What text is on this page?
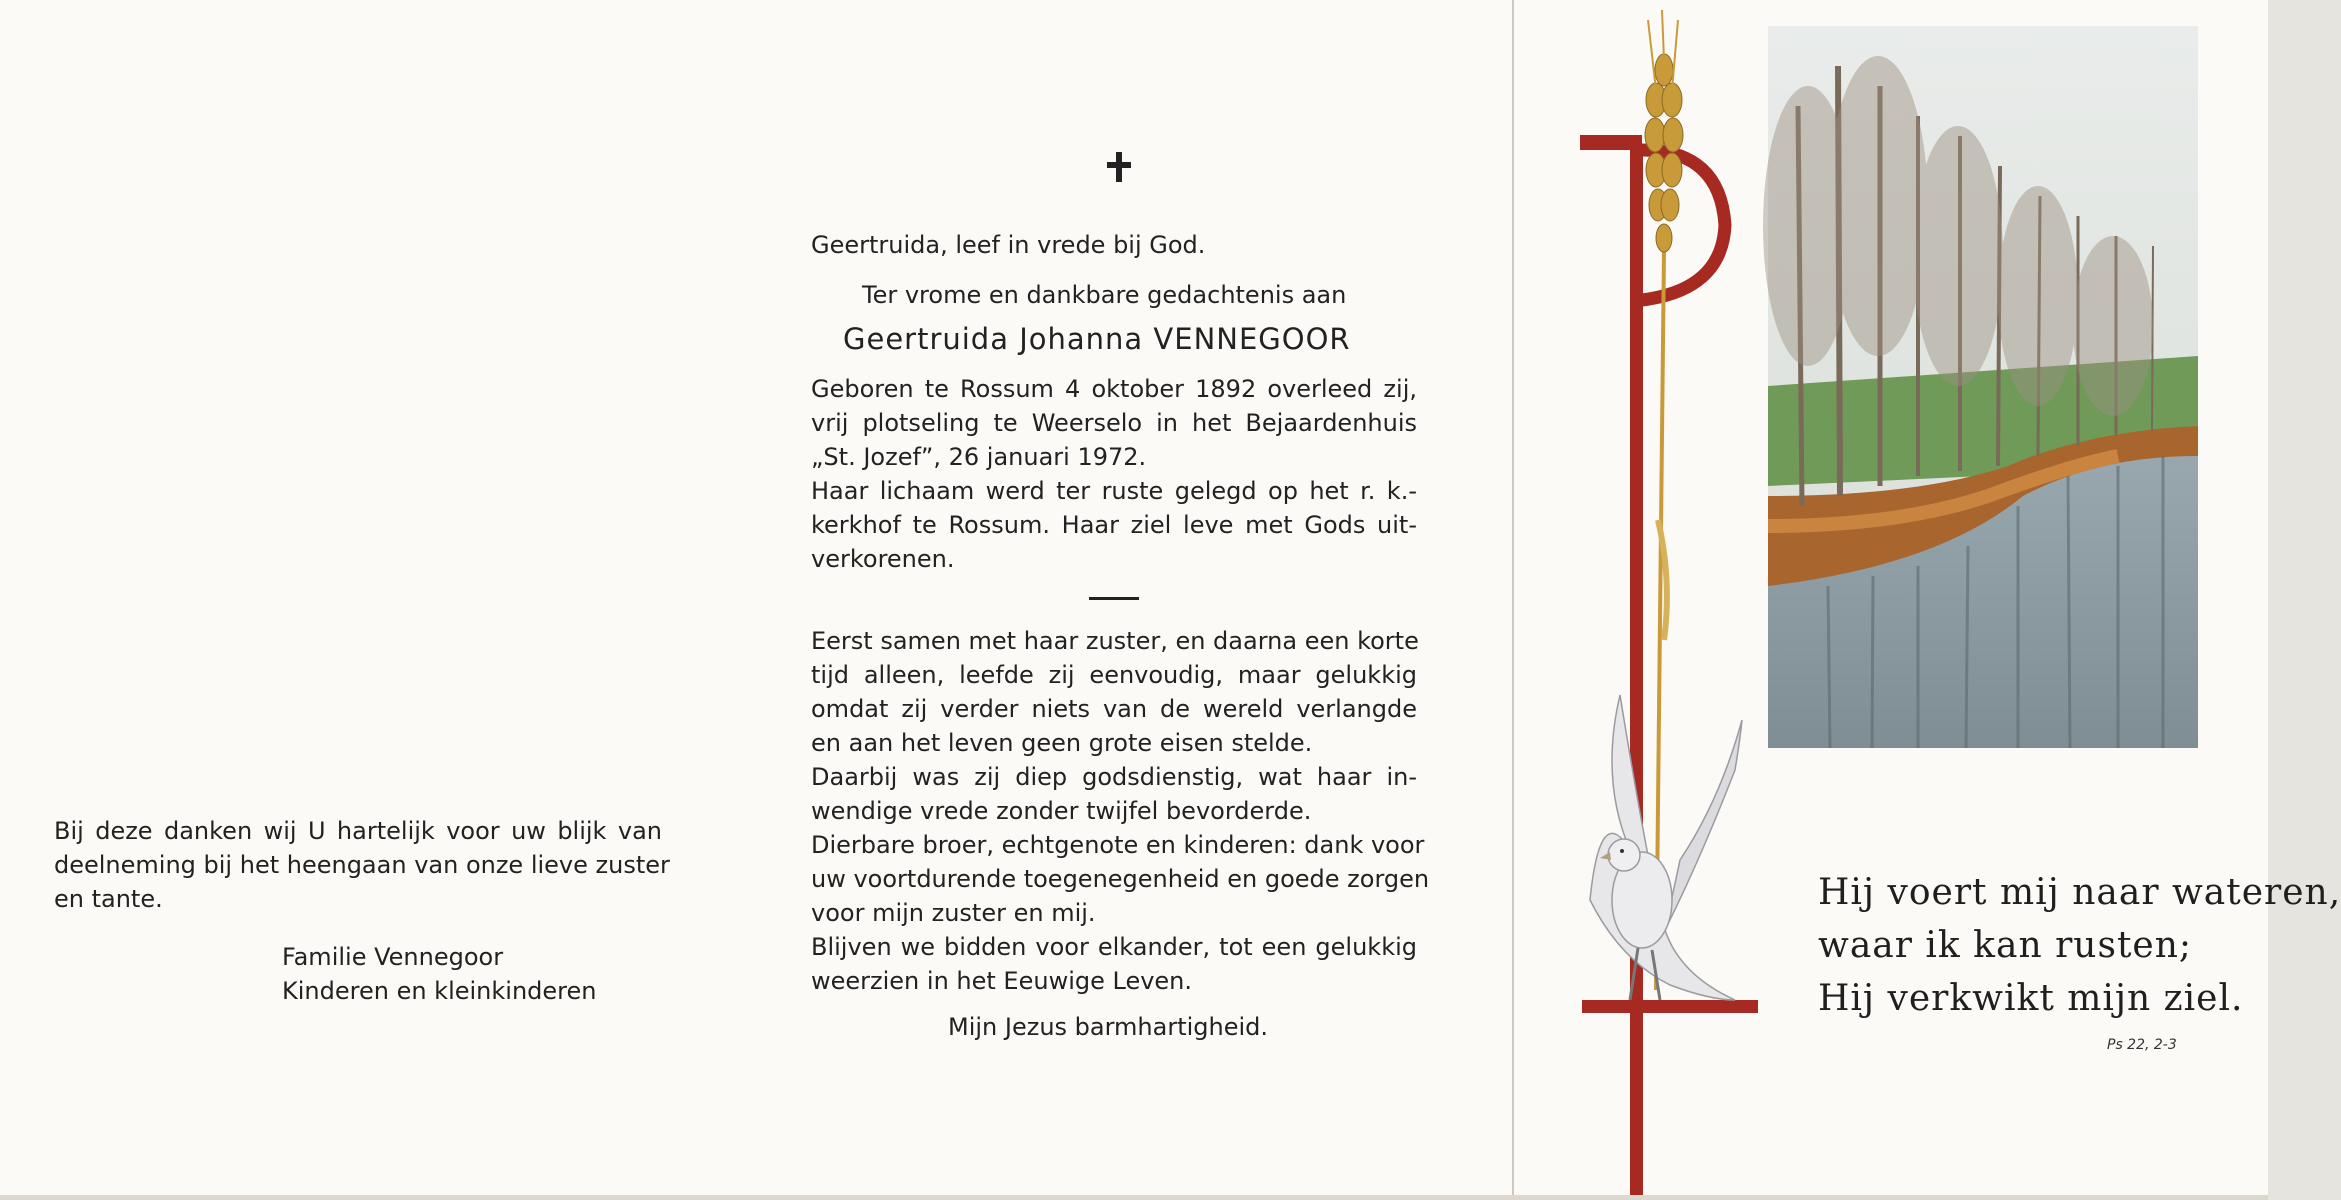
Bij deze danken wij U hartelijk voor uw blijk van
deelneming bij het heengaan van onze lieve zuster
en tante.
Familie Vennegoor
Kinderen en kleinkinderen
Geertruida, leef in vrede bij God.
Ter vrome en dankbare gedachtenis aan
Geertruida Johanna VENNEGOOR
Geboren te Rossum 4 oktober 1892 overleed zij,
vrij plotseling te Weerselo in het Bejaardenhuis
„St. Jozef”, 26 januari 1972.
Haar lichaam werd ter ruste gelegd op het r. k.-
kerkhof te Rossum. Haar ziel leve met Gods uit-
verkorenen.
Eerst samen met haar zuster, en daarna een korte
tijd alleen, leefde zij eenvoudig, maar gelukkig
omdat zij verder niets van de wereld verlangde
en aan het leven geen grote eisen stelde.
Daarbij was zij diep godsdienstig, wat haar in-
wendige vrede zonder twijfel bevorderde.
Dierbare broer, echtgenote en kinderen: dank voor
uw voortdurende toegenegenheid en goede zorgen
voor mijn zuster en mij.
Blijven we bidden voor elkander, tot een gelukkig
weerzien in het Eeuwige Leven.
Mijn Jezus barmhartigheid.
Hij voert mij naar wateren,
waar ik kan rusten;
Hij verkwikt mijn ziel.
Ps 22, 2-3
